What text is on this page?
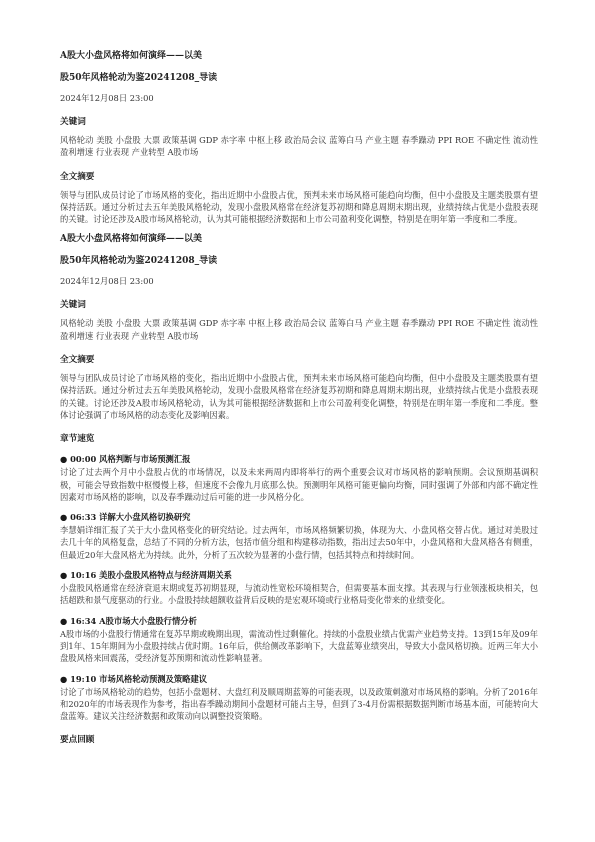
A股大小盘风格将如何演绎——以美
股50年风格轮动为鉴20241208_导读
2024年12月08日 23:00
关键词
风格轮动 美股 小盘股 大票 政策基调 GDP 赤字率 中枢上移 政治局会议 蓝筹白马 产业主题 春季躁动 PPI ROE 不确定性 流动性 盈利增速 行业表现 产业转型 A股市场
全文摘要
领导与团队成员讨论了市场风格的变化，指出近期中小盘股占优，预判未来市场风格可能趋向均衡，但中小盘股及主题类股票有望保持活跃。通过分析过去五年美股风格轮动，发现小盘股风格常在经济复苏初期和降息周期末期出现，业绩持续占优是小盘股表现的关键。讨论还涉及A股市场风格轮动，认为其可能根据经济数据和上市公司盈利变化调整，特别是在明年第一季度和二季度。
A股大小盘风格将如何演绎——以美
股50年风格轮动为鉴20241208_导读
2024年12月08日 23:00
关键词
风格轮动 美股 小盘股 大票 政策基调 GDP 赤字率 中枢上移 政治局会议 蓝筹白马 产业主题 春季躁动 PPI ROE 不确定性 流动性 盈利增速 行业表现 产业转型 A股市场
全文摘要
领导与团队成员讨论了市场风格的变化，指出近期中小盘股占优，预判未来市场风格可能趋向均衡，但中小盘股及主题类股票有望保持活跃。通过分析过去五年美股风格轮动，发现小盘股风格常在经济复苏初期和降息周期末期出现，业绩持续占优是小盘股表现的关键。讨论还涉及A股市场风格轮动，认为其可能根据经济数据和上市公司盈利变化调整，特别是在明年第一季度和二季度。整体讨论强调了市场风格的动态变化及影响因素。
章节速览
● 00:00 风格判断与市场预测汇报
讨论了过去两个月中小盘股占优的市场情况，以及未来两周内即将举行的两个重要会议对市场风格的影响预期。会议预期基调积极，可能会导致指数中枢慢慢上移，但速度不会像九月底那么快。预测明年风格可能更偏向均衡，同时强调了外部和内部不确定性因素对市场风格的影响，以及春季躁动过后可能的进一步风格分化。
● 06:33 详解大小盘风格切换研究
李慧娟详细汇报了关于大小盘风格变化的研究结论。过去两年，市场风格频繁切换，体现为大、小盘风格交替占优。通过对美股过去几十年的风格复盘，总结了不同的分析方法，包括市值分组和构建移动指数，指出过去50年中，小盘风格和大盘风格各有侧重，但最近20年大盘风格尤为持续。此外，分析了五次较为显著的小盘行情，包括其特点和持续时间。
● 10:16 美股小盘股风格特点与经济周期关系
小盘股风格通常在经济衰退末期或复苏初期显现，与流动性宽松环境相契合，但需要基本面支撑。其表现与行业领涨板块相关，包括超跌和景气度驱动的行业。小盘股持续超额收益背后反映的是宏观环境或行业格局变化带来的业绩变化。
● 16:34 A股市场大小盘股行情分析
A股市场的小盘股行情通常在复苏早期或晚期出现，需流动性过剩催化。持续的小盘股业绩占优需产业趋势支持。13到15年及09年到1年、15年期间为小盘股持续占优时期。16年后，供给侧改革影响下，大盘蓝筹业绩突出，导致大小盘风格切换。近两三年大小盘股风格来回震荡，受经济复苏预期和流动性影响显著。
● 19:10 市场风格轮动预测及策略建议
讨论了市场风格轮动的趋势，包括小盘题材、大盘红利及顺周期蓝筹的可能表现，以及政策刺激对市场风格的影响。分析了2016年和2020年的市场表现作为参考，指出春季躁动期间小盘题材可能占主导，但到了3-4月份需根据数据判断市场基本面，可能转向大盘蓝筹。建议关注经济数据和政策动向以调整投资策略。
要点回顾
